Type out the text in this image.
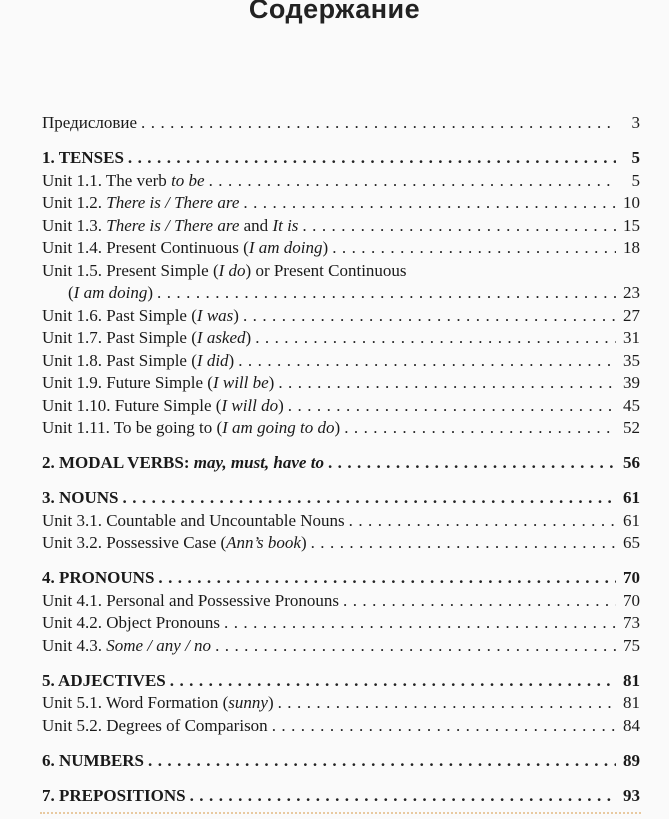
Содержание
Предисловие . . .	3
1. TENSES . . .	5
Unit 1.1. The verb to be . . .	5
Unit 1.2. There is / There are . . .	10
Unit 1.3. There is / There are and It is . . .	15
Unit 1.4. Present Continuous (I am doing) . . .	18
Unit 1.5. Present Simple (I do) or Present Continuous
(I am doing) . . .	23
Unit 1.6. Past Simple (I was) . . .	27
Unit 1.7. Past Simple (I asked) . . .	31
Unit 1.8. Past Simple (I did) . . .	35
Unit 1.9. Future Simple (I will be) . . .	39
Unit 1.10. Future Simple (I will do) . . .	45
Unit 1.11. To be going to (I am going to do) . . .	52
2. MODAL VERBS: may, must, have to . . .	56
3. NOUNS . . .	61
Unit 3.1. Countable and Uncountable Nouns . . .	61
Unit 3.2. Possessive Case (Ann’s book) . . .	65
4. PRONOUNS . . .	70
Unit 4.1. Personal and Possessive Pronouns . . .	70
Unit 4.2. Object Pronouns . . .	73
Unit 4.3. Some / any / no . . .	75
5. ADJECTIVES . . .	81
Unit 5.1. Word Formation (sunny) . . .	81
Unit 5.2. Degrees of Comparison . . .	84
6. NUMBERS . . .	89
7. PREPOSITIONS . . .	93
